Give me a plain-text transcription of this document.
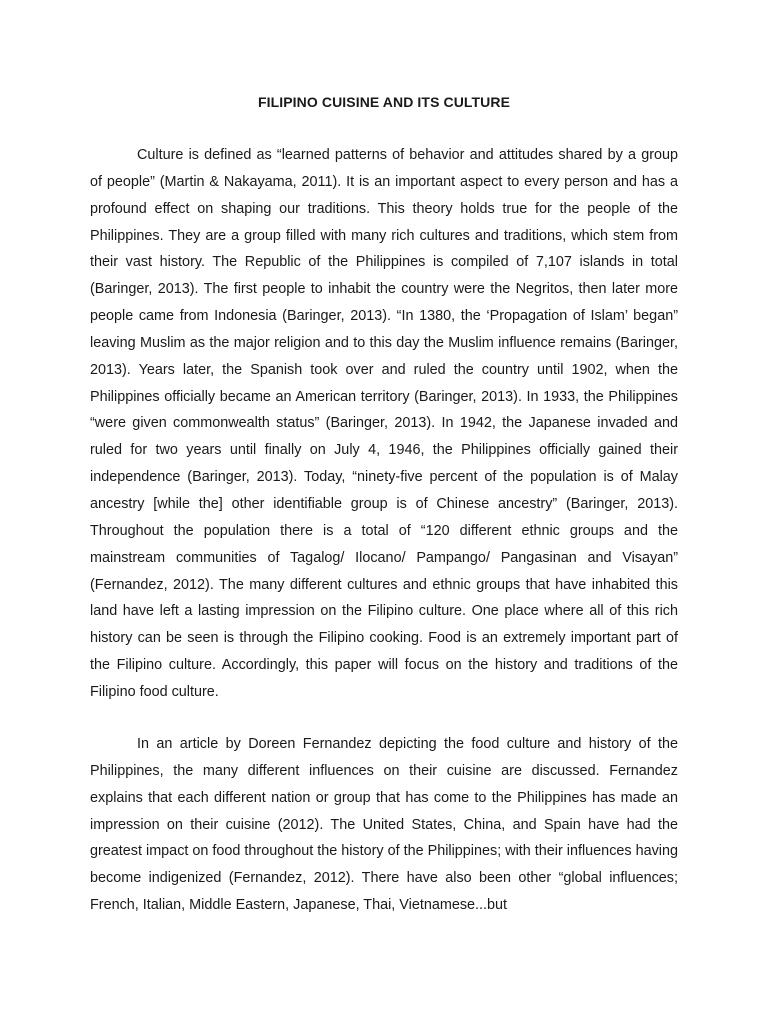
FILIPINO CUISINE AND ITS CULTURE

Culture is defined as “learned patterns of behavior and attitudes shared by a group of people” (Martin & Nakayama, 2011). It is an important aspect to every person and has a profound effect on shaping our traditions. This theory holds true for the people of the Philippines. They are a group filled with many rich cultures and traditions, which stem from their vast history. The Republic of the Philippines is compiled of 7,107 islands in total (Baringer, 2013). The first people to inhabit the country were the Negritos, then later more people came from Indonesia (Baringer, 2013). “In 1380, the ‘Propagation of Islam’ began” leaving Muslim as the major religion and to this day the Muslim influence remains (Baringer, 2013). Years later, the Spanish took over and ruled the country until 1902, when the Philippines officially became an American territory (Baringer, 2013). In 1933, the Philippines “were given commonwealth status” (Baringer, 2013). In 1942, the Japanese invaded and ruled for two years until finally on July 4, 1946, the Philippines officially gained their independence (Baringer, 2013). Today, “ninety-five percent of the population is of Malay ancestry [while the] other identifiable group is of Chinese ancestry” (Baringer, 2013). Throughout the population there is a total of “120 different ethnic groups and the mainstream communities of Tagalog/ Ilocano/ Pampango/ Pangasinan and Visayan” (Fernandez, 2012). The many different cultures and ethnic groups that have inhabited this land have left a lasting impression on the Filipino culture. One place where all of this rich history can be seen is through the Filipino cooking. Food is an extremely important part of the Filipino culture. Accordingly, this paper will focus on the history and traditions of the Filipino food culture.

In an article by Doreen Fernandez depicting the food culture and history of the Philippines, the many different influences on their cuisine are discussed. Fernandez explains that each different nation or group that has come to the Philippines has made an impression on their cuisine (2012). The United States, China, and Spain have had the greatest impact on food throughout the history of the Philippines; with their influences having become indigenized (Fernandez, 2012). There have also been other “global influences; French, Italian, Middle Eastern, Japanese, Thai, Vietnamese...but
